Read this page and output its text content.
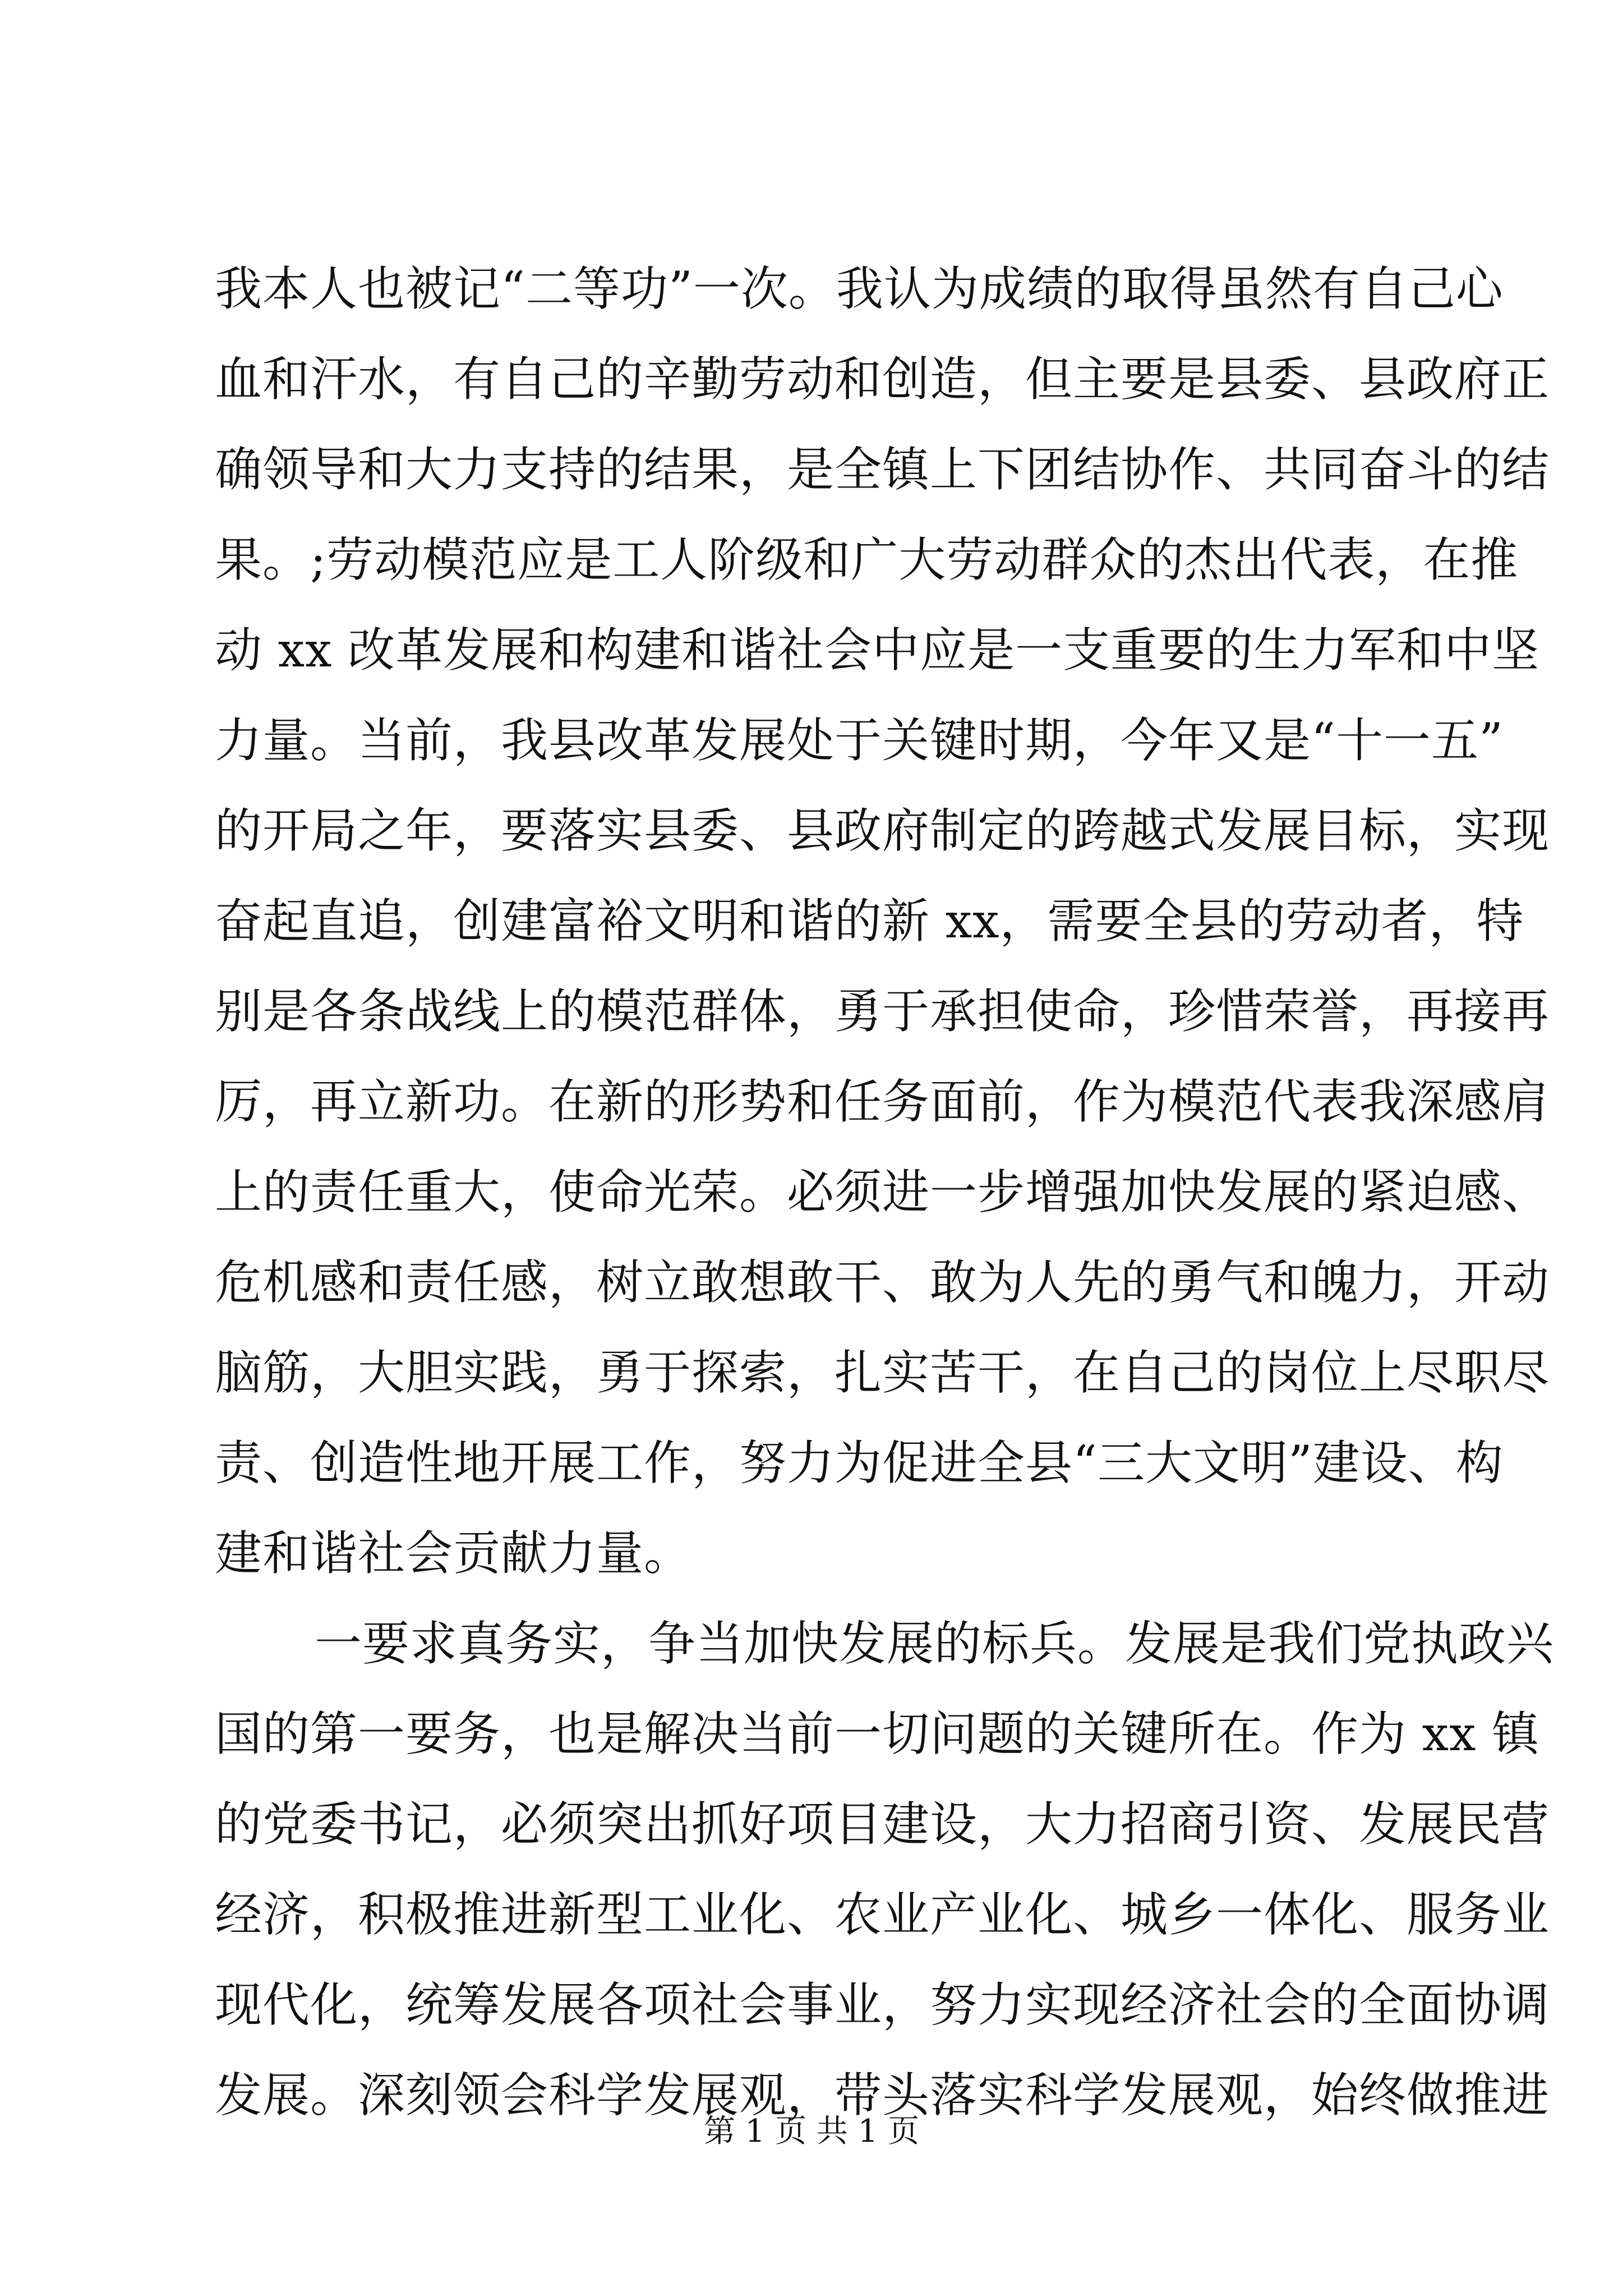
我本人也被记“二等功”一次。我认为成绩的取得虽然有自己心
血和汗水，有自己的辛勤劳动和创造，但主要是县委、县政府正
确领导和大力支持的结果，是全镇上下团结协作、共同奋斗的结
果。;劳动模范应是工人阶级和广大劳动群众的杰出代表，在推
动 xx 改革发展和构建和谐社会中应是一支重要的生力军和中坚
力量。当前，我县改革发展处于关键时期，今年又是“十一五”
的开局之年，要落实县委、县政府制定的跨越式发展目标，实现
奋起直追，创建富裕文明和谐的新 xx，需要全县的劳动者，特
别是各条战线上的模范群体，勇于承担使命，珍惜荣誉，再接再
厉，再立新功。在新的形势和任务面前，作为模范代表我深感肩
上的责任重大，使命光荣。必须进一步增强加快发展的紧迫感、
危机感和责任感，树立敢想敢干、敢为人先的勇气和魄力，开动
脑筋，大胆实践，勇于探索，扎实苦干，在自己的岗位上尽职尽
责、创造性地开展工作，努力为促进全县“三大文明”建设、构
建和谐社会贡献力量。
一要求真务实，争当加快发展的标兵。发展是我们党执政兴
国的第一要务，也是解决当前一切问题的关键所在。作为 xx 镇
的党委书记，必须突出抓好项目建设，大力招商引资、发展民营
经济，积极推进新型工业化、农业产业化、城乡一体化、服务业
现代化，统筹发展各项社会事业，努力实现经济社会的全面协调
发展。深刻领会科学发展观，带头落实科学发展观，始终做推进
第 1 页 共 1 页
